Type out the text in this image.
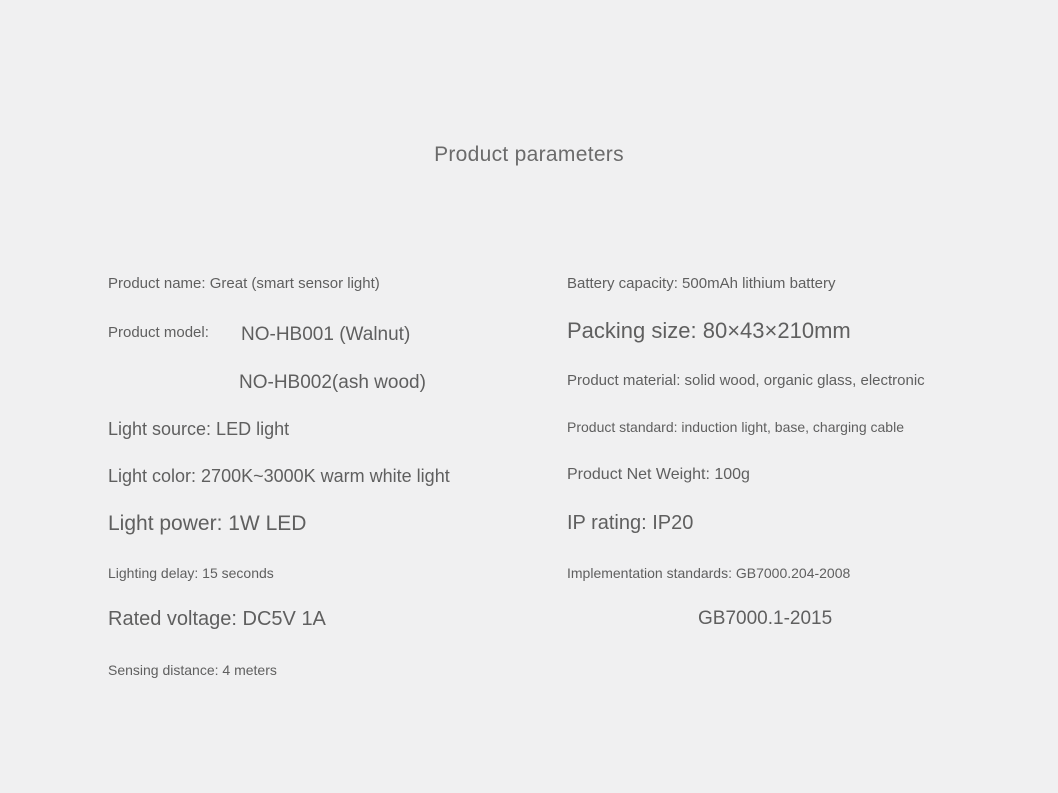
Product parameters
Product name: Great (smart sensor light)
Product model: NO-HB001 (Walnut)
NO-HB002(ash wood)
Light source: LED light
Light color: 2700K~3000K warm white light
Light power: 1W LED
Lighting delay: 15 seconds
Rated voltage: DC5V 1A
Sensing distance: 4 meters
Battery capacity: 500mAh lithium battery
Packing size: 80×43×210mm
Product material: solid wood, organic glass, electronic
Product standard: induction light, base, charging cable
Product Net Weight: 100g
IP rating: IP20
Implementation standards: GB7000.204-2008
GB7000.1-2015
